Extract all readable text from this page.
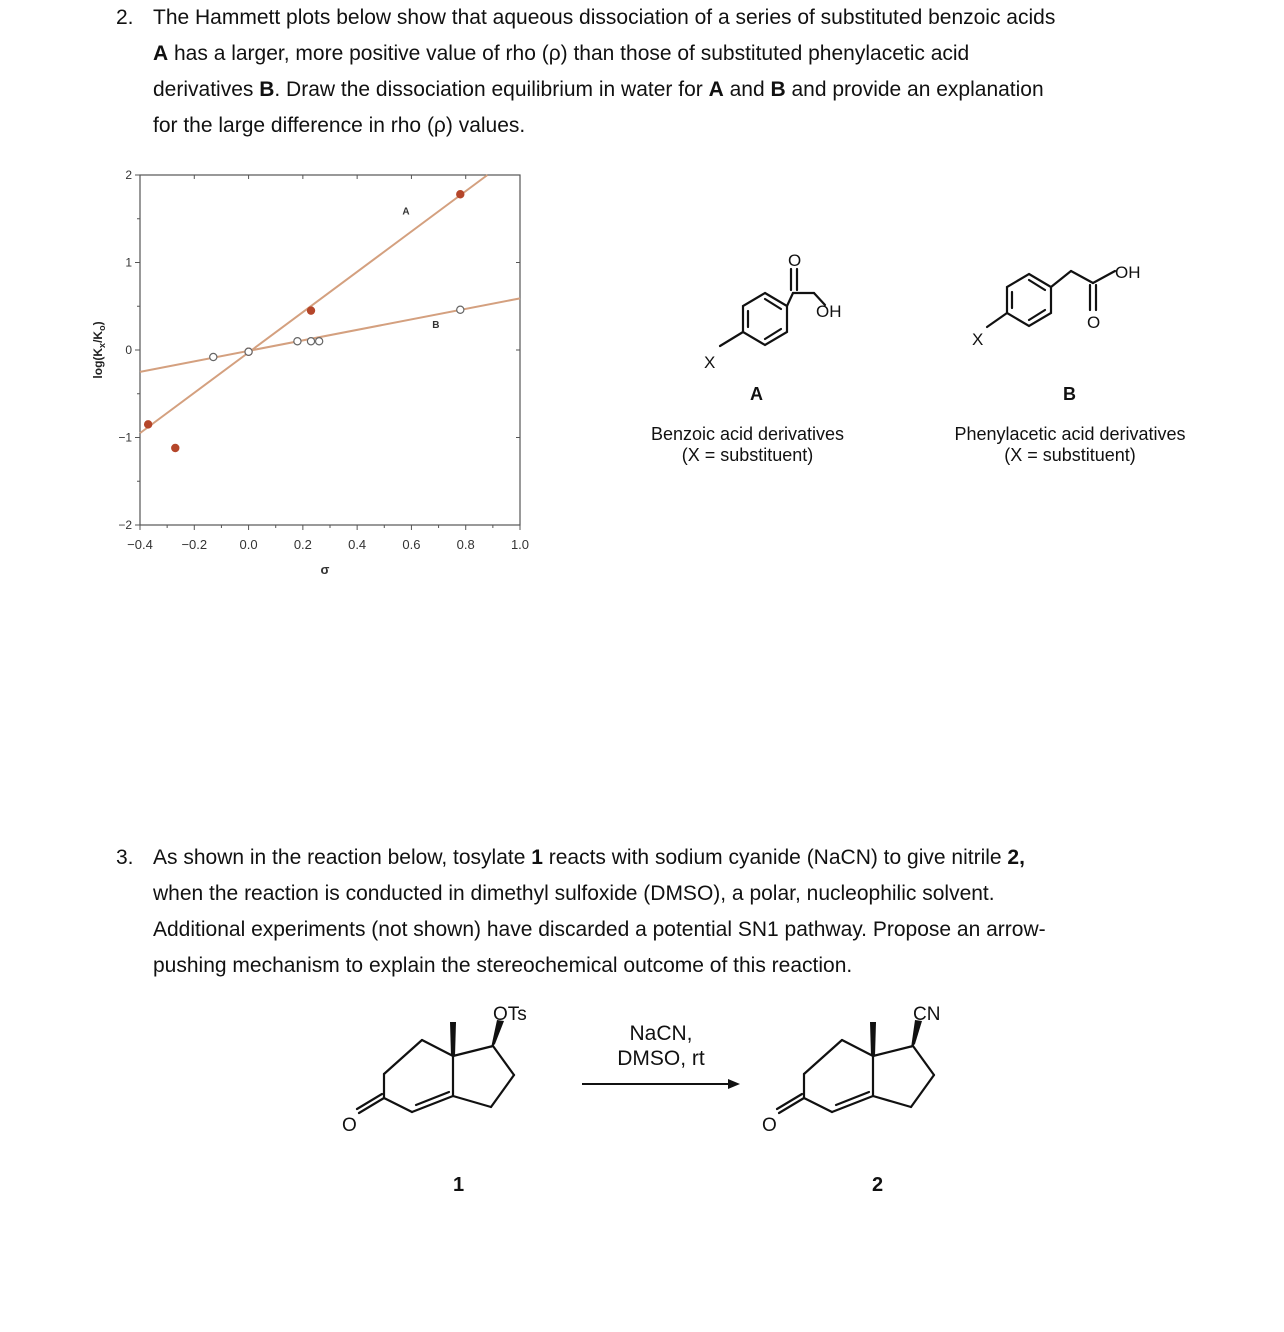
2. The Hammett plots below show that aqueous dissociation of a series of substituted benzoic acids
A has a larger, more positive value of rho (ρ) than those of substituted phenylacetic acid
derivatives B. Draw the dissociation equilibrium in water for A and B and provide an explanation
for the large difference in rho (ρ) values.
−0.4 −0.2 0.0	0.2	0.4	0.6	0.8	1.0
2
1
0
−1
−2
A
B
σ
$\log(K_x/K_o)$
O
OH
X
A
Benzoic acid derivatives
(X = substituent)
OH
O
X
B
Phenylacetic acid derivatives
(X = substituent)
3. As shown in the reaction below, tosylate 1 reacts with sodium cyanide (NaCN) to give nitrile 2,
when the reaction is conducted in dimethyl sulfoxide (DMSO), a polar, nucleophilic solvent.
Additional experiments (not shown) have discarded a potential SN1 pathway. Propose an arrow-
pushing mechanism to explain the stereochemical outcome of this reaction.
OTs
O
1
NaCN,
DMSO, rt
CN
O
2
